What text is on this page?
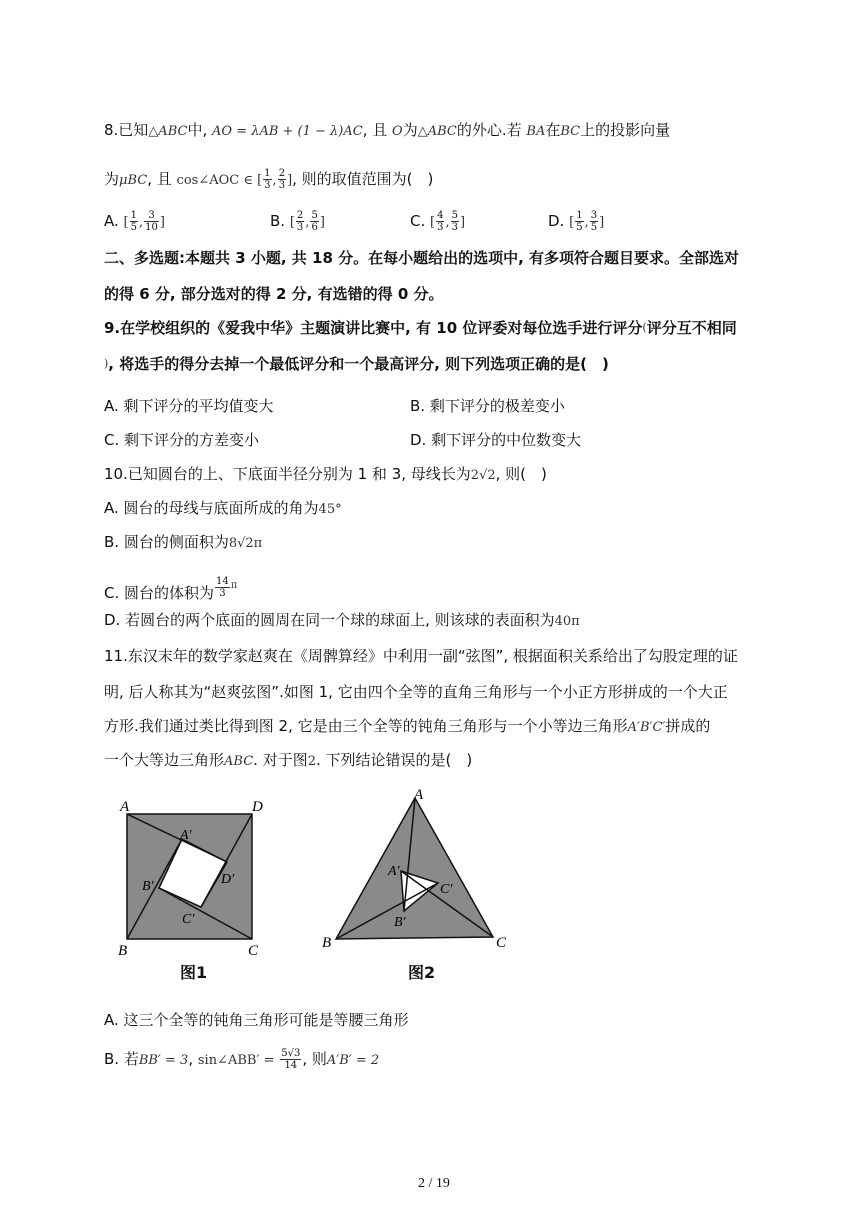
8.已知△ABC中, AO = λAB + (1 − λ)AC, 且 O为△ABC的外心.若 BA在BC上的投影向量
为μBC, 且 cos∠AOC ∈ [ $\frac{1}{3}$ , $\frac{2}{3}$ ], 则的取值范围为(　)
A. [ $\frac{1}{5}$ , $\frac{3}{10}$ ]	B. [ $\frac{2}{3}$ , $\frac{5}{6}$ ]	C. [ $\frac{4}{3}$ , $\frac{5}{3}$ ]	D. [ $\frac{1}{5}$ , $\frac{3}{5}$ ]
二、多选题:本题共 3 小题, 共 18 分。在每小题给出的选项中, 有多项符合题目要求。全部选对
的得 6 分, 部分选对的得 2 分, 有选错的得 0 分。
9.在学校组织的《爱我中华》主题演讲比赛中, 有 10 位评委对每位选手进行评分(评分互不相同
), 将选手的得分去掉一个最低评分和一个最高评分, 则下列选项正确的是(　)
A. 剩下评分的平均值变大	B. 剩下评分的极差变小
C. 剩下评分的方差变小	D. 剩下评分的中位数变大
10.已知圆台的上、下底面半径分别为 1 和 3, 母线长为2√2, 则(　)
A. 圆台的母线与底面所成的角为45°
B. 圆台的侧面积为8√2π
C. 圆台的体积为 $\frac{14}{3} ^\pi$
D. 若圆台的两个底面的圆周在同一个球的球面上, 则该球的表面积为40π
11.东汉末年的数学家赵爽在《周髀算经》中利用一副“弦图”, 根据面积关系给出了勾股定理的证
明, 后人称其为“赵爽弦图”.如图 1, 它由四个全等的直角三角形与一个小正方形拼成的一个大正
方形.我们通过类比得到图 2, 它是由三个全等的钝角三角形与一个小等边三角形A′B′C′拼成的
一个大等边三角形ABC. 对于图2. 下列结论错误的是(　)
A	D
B	C
A′
D′
B′
C′
图1
A
B	C
A′
C′
B′
图2
A. 这三个全等的钝角三角形可能是等腰三角形
B. 若BB′ = 3, sin∠ABB′ = $\frac{5√3}{14}$ , 则A′B′ = 2
2 / 19
